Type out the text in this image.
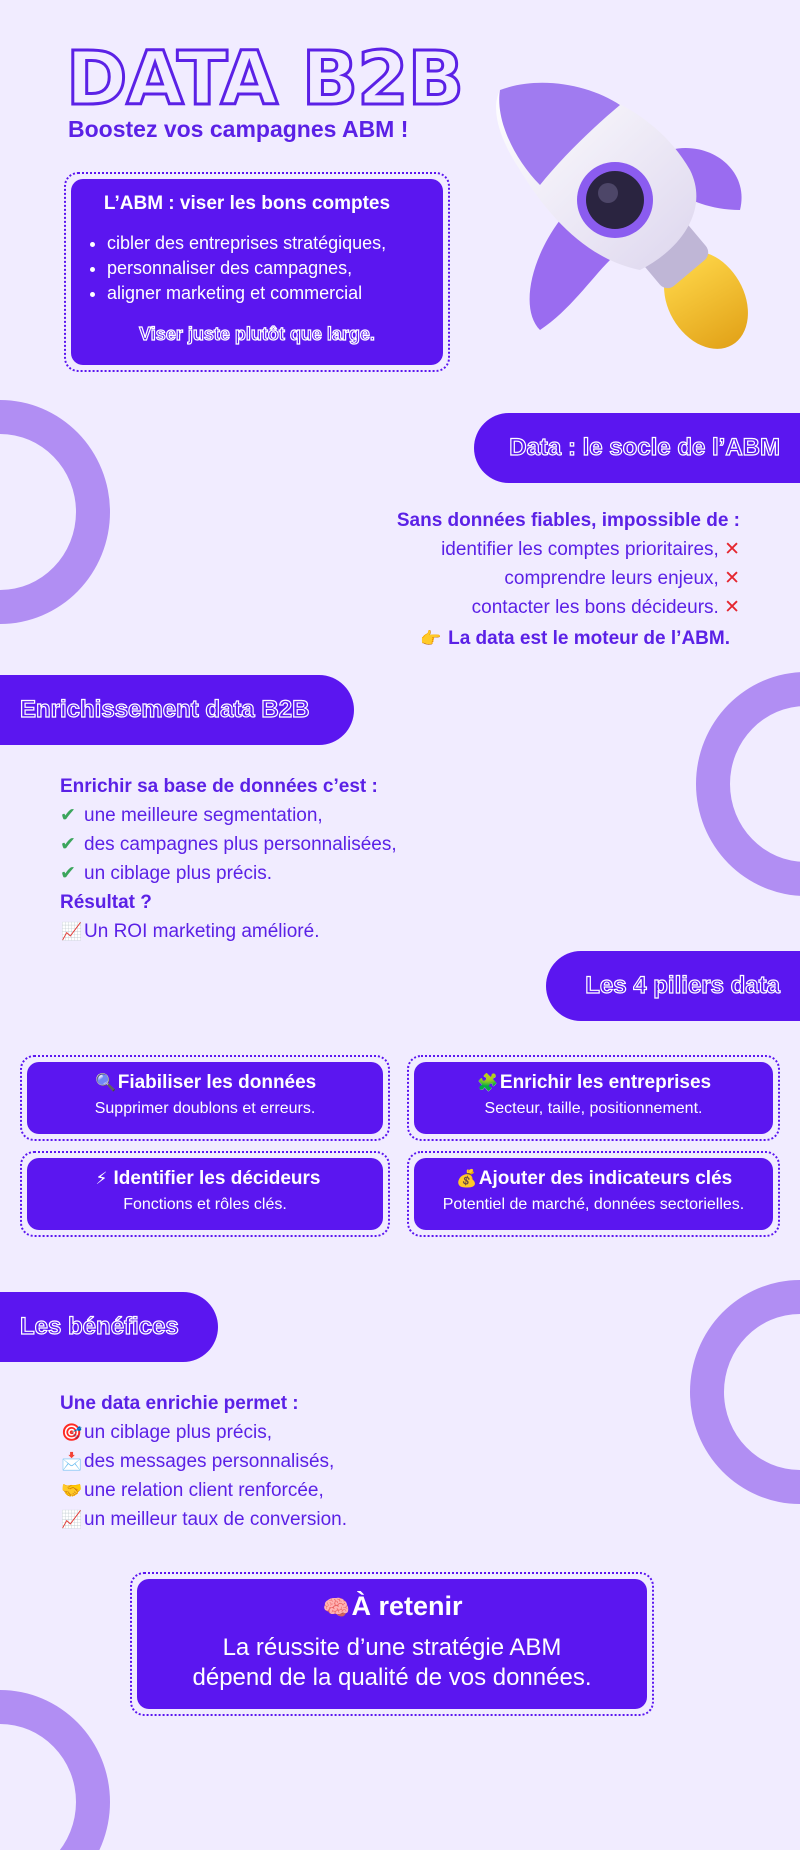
DATA B2B
Boostez vos campagnes ABM !
L’ABM : viser les bons comptes
• cibler des entreprises stratégiques,
• personnaliser des campagnes,
• aligner marketing et commercial
Viser juste plutôt que large.
Data : le socle de l’ABM
Sans données fiables, impossible de :
identifier les comptes prioritaires, ✕
comprendre leurs enjeux, ✕
contacter les bons décideurs. ✕
👉 La data est le moteur de l’ABM.
Enrichissement data B2B
Enrichir sa base de données c’est :
✔ une meilleure segmentation,
✔ des campagnes plus personnalisées,
✔ un ciblage plus précis.
Résultat ?
📈Un ROI marketing amélioré.
Les 4 piliers data
🔍Fiabiliser les données
Supprimer doublons et erreurs.
🧩Enrichir les entreprises
Secteur, taille, positionnement.
⚡ Identifier les décideurs
Fonctions et rôles clés.
💰Ajouter des indicateurs clés
Potentiel de marché, données sectorielles.
Les bénéfices
Une data enrichie permet :
🎯un ciblage plus précis,
📩des messages personnalisés,
🤝une relation client renforcée,
📈un meilleur taux de conversion.
🧠À retenir
La réussite d’une stratégie ABM
dépend de la qualité de vos données.
